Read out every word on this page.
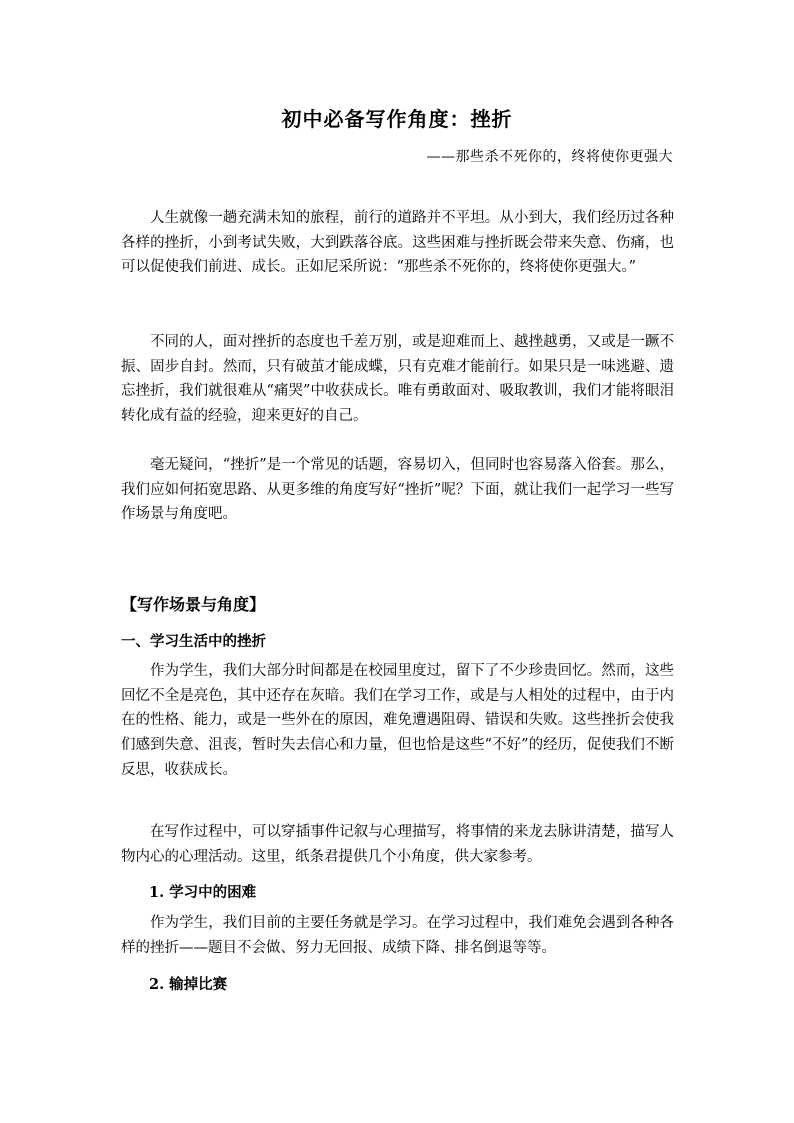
初中必备写作角度：挫折
——那些杀不死你的，终将使你更强大

人生就像一趟充满未知的旅程，前行的道路并不平坦。从小到大，我们经历过各种各样的挫折，小到考试失败，大到跌落谷底。这些困难与挫折既会带来失意、伤痛，也可以促使我们前进、成长。正如尼采所说：“那些杀不死你的，终将使你更强大。”

不同的人，面对挫折的态度也千差万别，或是迎难而上、越挫越勇，又或是一蹶不振、固步自封。然而，只有破茧才能成蝶，只有克难才能前行。如果只是一味逃避、遗忘挫折，我们就很难从“痛哭”中收获成长。唯有勇敢面对、吸取教训，我们才能将眼泪转化成有益的经验，迎来更好的自己。

毫无疑问，“挫折”是一个常见的话题，容易切入，但同时也容易落入俗套。那么，我们应如何拓宽思路、从更多维的角度写好“挫折”呢？下面，就让我们一起学习一些写作场景与角度吧。

【写作场景与角度】
一、学习生活中的挫折

作为学生，我们大部分时间都是在校园里度过，留下了不少珍贵回忆。然而，这些回忆不全是亮色，其中还存在灰暗。我们在学习工作，或是与人相处的过程中，由于内在的性格、能力，或是一些外在的原因，难免遭遇阻碍、错误和失败。这些挫折会使我们感到失意、沮丧，暂时失去信心和力量，但也恰是这些“不好”的经历，促使我们不断反思，收获成长。

在写作过程中，可以穿插事件记叙与心理描写，将事情的来龙去脉讲清楚，描写人物内心的心理活动。这里，纸条君提供几个小角度，供大家参考。

1. 学习中的困难

作为学生，我们目前的主要任务就是学习。在学习过程中，我们难免会遇到各种各样的挫折——题目不会做、努力无回报、成绩下降、排名倒退等等。

2. 输掉比赛
